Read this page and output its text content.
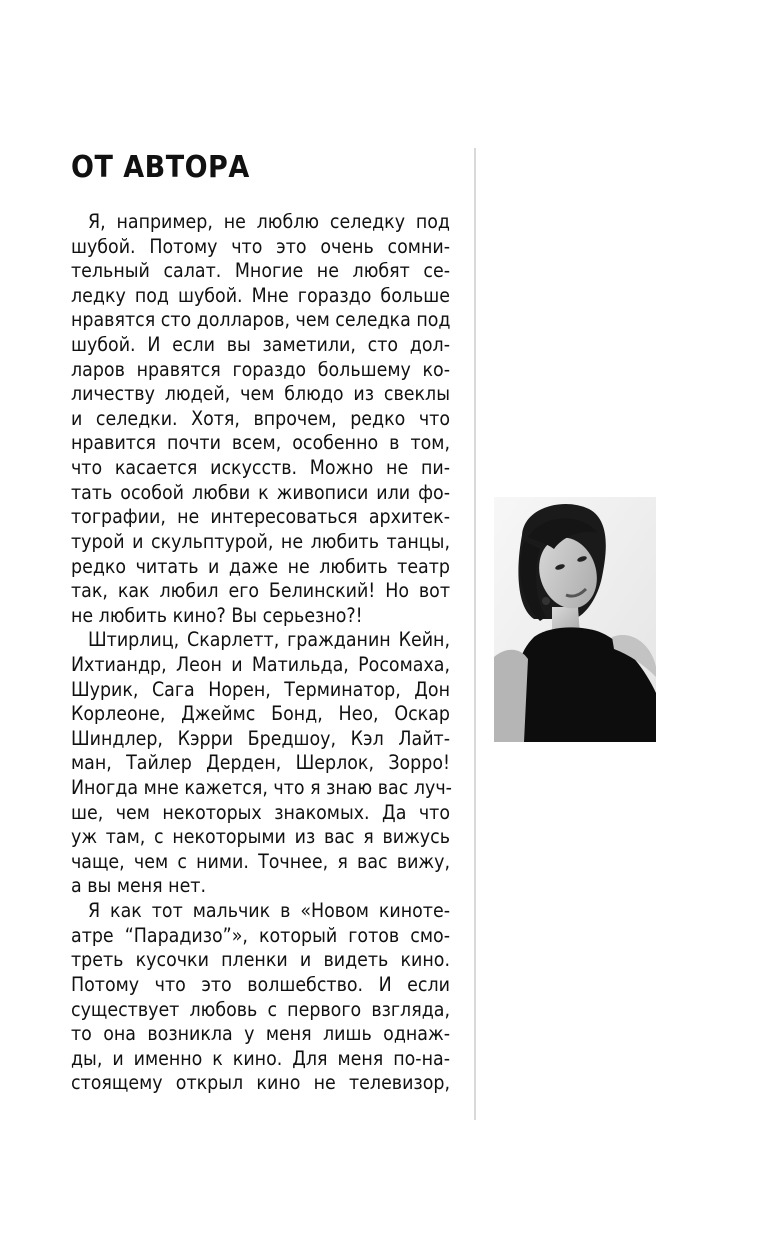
ОТ АВТОРА
Я, например, не люблю селедку под
шубой. Потому что это очень сомни-
тельный салат. Многие не любят се-
ледку под шубой. Мне гораздо больше
нравятся сто долларов, чем селедка под
шубой. И если вы заметили, сто дол-
ларов нравятся гораздо большему ко-
личеству людей, чем блюдо из свеклы
и селедки. Хотя, впрочем, редко что
нравится почти всем, особенно в том,
что касается искусств. Можно не пи-
тать особой любви к живописи или фо-
тографии, не интересоваться архитек-
турой и скульптурой, не любить танцы,
редко читать и даже не любить театр
так, как любил его Белинский! Но вот
не любить кино? Вы серьезно?!
Штирлиц, Скарлетт, гражданин Кейн,
Ихтиандр, Леон и Матильда, Росомаха,
Шурик, Сага Норен, Терминатор, Дон
Корлеоне, Джеймс Бонд, Нео, Оскар
Шиндлер, Кэрри Бредшоу, Кэл Лайт-
ман, Тайлер Дерден, Шерлок, Зорро!
Иногда мне кажется, что я знаю вас луч-
ше, чем некоторых знакомых. Да что
уж там, с некоторыми из вас я вижусь
чаще, чем с ними. Точнее, я вас вижу,
а вы меня нет.
Я как тот мальчик в «Новом киноте-
атре “Парадизо”», который готов смо-
треть кусочки пленки и видеть кино.
Потому что это волшебство. И если
существует любовь с первого взгляда,
то она возникла у меня лишь однаж-
ды, и именно к кино. Для меня по-на-
стоящему открыл кино не телевизор,
